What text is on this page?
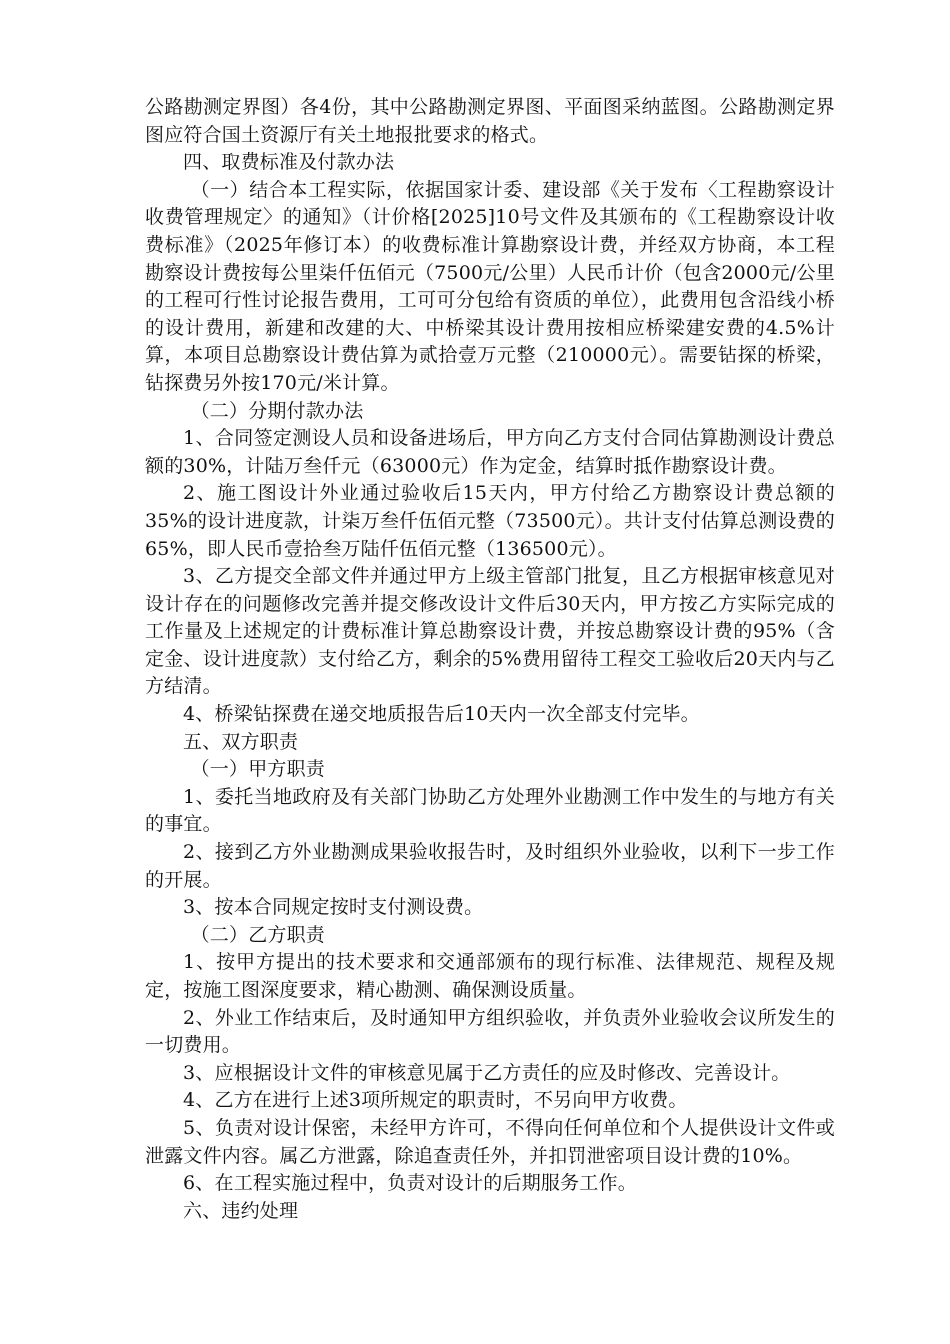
公路勘测定界图）各4份，其中公路勘测定界图、平面图采纳蓝图。公路勘测定界图应符合国土资源厅有关土地报批要求的格式。

四、取费标准及付款办法

（一）结合本工程实际，依据国家计委、建设部《关于发布〈工程勘察设计收费管理规定〉的通知》（计价格[2025]10号文件及其颁布的《工程勘察设计收费标准》（2025年修订本）的收费标准计算勘察设计费，并经双方协商，本工程勘察设计费按每公里柒仟伍佰元（7500元/公里）人民币计价（包含2000元/公里的工程可行性讨论报告费用，工可可分包给有资质的单位），此费用包含沿线小桥的设计费用，新建和改建的大、中桥梁其设计费用按相应桥梁建安费的4.5%计算，本项目总勘察设计费估算为贰拾壹万元整（210000元）。需要钻探的桥梁，钻探费另外按170元/米计算。

（二）分期付款办法

1、合同签定测设人员和设备进场后，甲方向乙方支付合同估算勘测设计费总额的30%，计陆万叁仟元（63000元）作为定金，结算时抵作勘察设计费。

2、施工图设计外业通过验收后15天内，甲方付给乙方勘察设计费总额的35%的设计进度款，计柒万叁仟伍佰元整（73500元）。共计支付估算总测设费的65%，即人民币壹拾叁万陆仟伍佰元整（136500元）。

3、乙方提交全部文件并通过甲方上级主管部门批复，且乙方根据审核意见对设计存在的问题修改完善并提交修改设计文件后30天内，甲方按乙方实际完成的工作量及上述规定的计费标准计算总勘察设计费，并按总勘察设计费的95%（含定金、设计进度款）支付给乙方，剩余的5%费用留待工程交工验收后20天内与乙方结清。

4、桥梁钻探费在递交地质报告后10天内一次全部支付完毕。

五、双方职责

（一）甲方职责

1、委托当地政府及有关部门协助乙方处理外业勘测工作中发生的与地方有关的事宜。

2、接到乙方外业勘测成果验收报告时，及时组织外业验收，以利下一步工作的开展。

3、按本合同规定按时支付测设费。

（二）乙方职责

1、按甲方提出的技术要求和交通部颁布的现行标准、法律规范、规程及规定，按施工图深度要求，精心勘测、确保测设质量。

2、外业工作结束后，及时通知甲方组织验收，并负责外业验收会议所发生的一切费用。

3、应根据设计文件的审核意见属于乙方责任的应及时修改、完善设计。

4、乙方在进行上述3项所规定的职责时，不另向甲方收费。

5、负责对设计保密，未经甲方许可，不得向任何单位和个人提供设计文件或泄露文件内容。属乙方泄露，除追查责任外，并扣罚泄密项目设计费的10%。

6、在工程实施过程中，负责对设计的后期服务工作。

六、违约处理
